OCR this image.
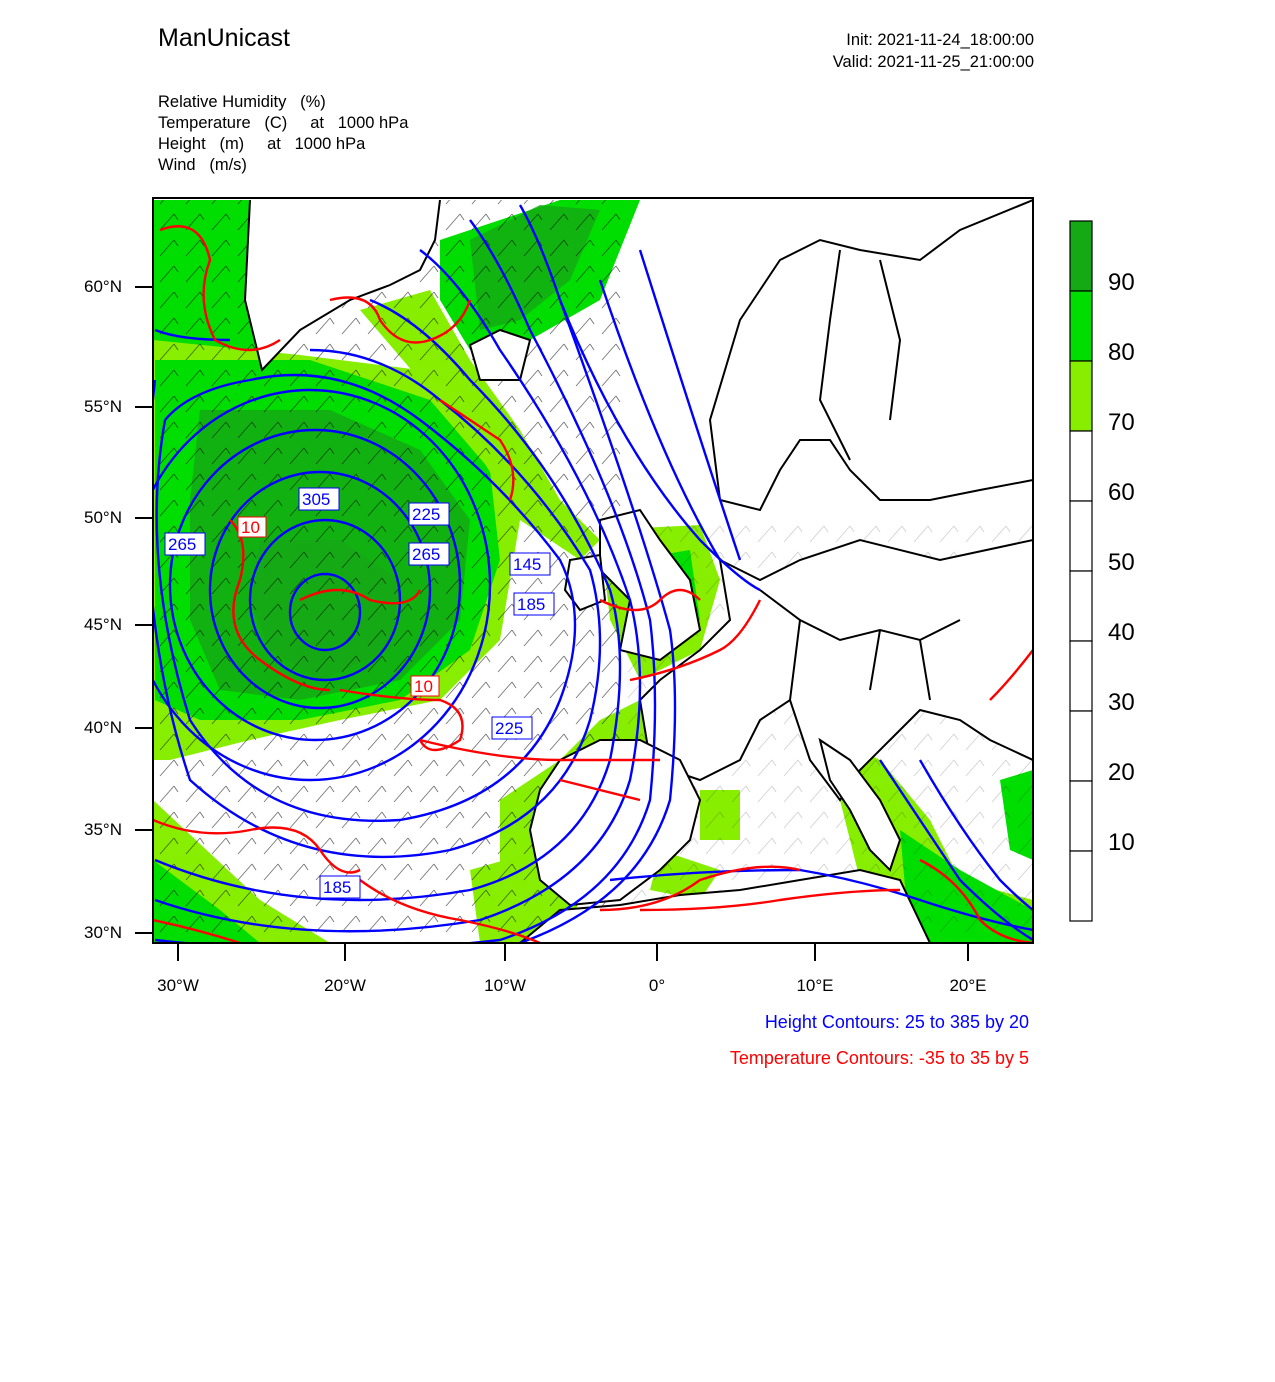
ManUnicast	Init: 2021-11-24_18:00:00
Valid: 2021-11-25_21:00:00
Relative Humidity   (%)
Temperature   (C)     at   1000 hPa
Height   (m)     at   1000 hPa
Wind   (m/s)
305
265
265
225
145
185
225
185
10
10
60°N
55°N
50°N
45°N
40°N
35°N
30°N
30°W	20°W	10°W	0°	10°E	20°E
90
80
70
60
50
40
30
20
10
Height Contours: 25 to 385 by 20
Temperature Contours: -35 to 35 by 5
